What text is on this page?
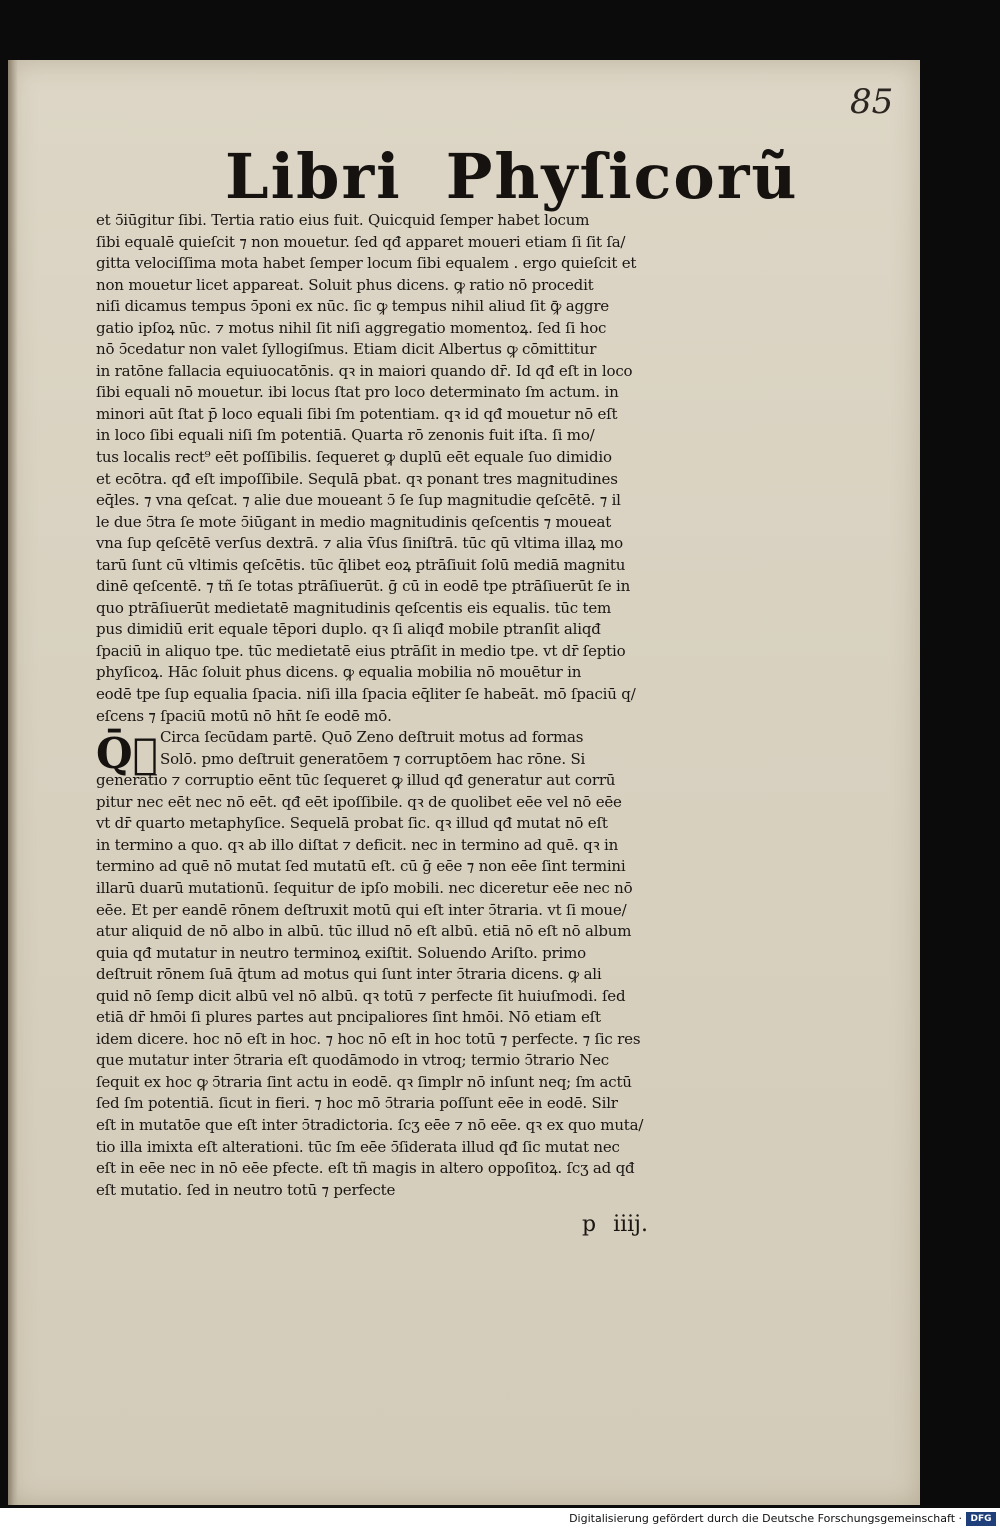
85
Libri Phyſicorũ
et ↄ̄iūgitur ſibi. Tertia ratio eius fuit. Quicquid ſemper habet locum
ſibi equalē quieſcit ⁊ non mouetur. ſed qđ apparet moueri etiam ſi ſit ſa/
gitta velociſſima mota habet ſemper locum ſibi equalem . ergo quieſcit et
non mouetur licet appareat. Soluit phus dicens. ꝙ ratio nō procedit
niſi dicamus tempus ↄ̄poni ex nūc. ſic ꝙ tempus nihil aliud ſit ꝙ̄ aggre
gatio ipſoꝝ nūc. ⁊ motus nihil ſit niſi aggregatio momentoꝝ. ſed ſi hoc
nō ↄ̄cedatur non valet ſyllogiſmus. Etiam dicit Albertus ꝙ cōmittitur
in ratōne fallacia equiuocatōnis. qꝛ in maiori quando dr̄. Id qđ eſt in loco
ſibi equali nō mouetur. ibi locus ſtat pro loco determinato ſm actum. in
minori aūt ſtat p̄ loco equali ſibi ſm potentiam. qꝛ id qđ mouetur nō eſt
in loco ſibi equali niſi ſm potentiā. Quarta rō zenonis fuit iſta. ſi mo/
tus localis rect⁹ eēt poſſibilis. ſequeret ꝙ duplū eēt equale ſuo dimidio
et ecōtra. qđ eſt impoſſibile. Sequlā pbat. qꝛ ponant tres magnitudines
eq̄les. ⁊ vna qeſcat. ⁊ alie due moueant ↄ̄ ſe ſup magnitudie qeſcētē. ⁊ il
le due ↄ̄tra ſe mote ↄ̄iūgant in medio magnitudinis qeſcentis ⁊ moueat
vna ſup qeſcētē verſus dextrā. ⁊ alia v̄ſus ſiniſtrā. tūc qū vltima illaꝝ mo
tarū ſunt cū vltimis qeſcētis. tūc q̄libet eoꝝ ptrāſiuit ſolū mediā magnitu
dinē qeſcentē. ⁊ tñ ſe totas ptrāſiuerūt. ḡ cū in eodē tpe ptrāſiuerūt ſe in
quo ptrāſiuerūt medietatē magnitudinis qeſcentis eis equalis. tūc tem
pus dimidiū erit equale tēpori duplo. qꝛ ſi aliqđ mobile ptranſit aliqđ
ſpaciū in aliquo tpe. tūc medietatē eius ptrāſit in medio tpe. vt dr̄ ſeptio
phyſicoꝝ. Hāc ſoluit phus dicens. ꝙ equalia mobilia nō mouētur in
eodē tpe ſup equalia ſpacia. niſi illa ſpacia eq̄liter ſe habeāt. mō ſpaciū q/
eſcens ⁊ ſpaciū motū nō hn̄t ſe eodē mō.
Circa ſecūdam partē. Quō Zeno deſtruit motus ad formas
Solō. pmo deſtruit generatōem ⁊ corruptōem hac rōne. Si
generatio ⁊ corruptio eēnt tūc ſequeret ꝙ illud qđ generatur aut corrū
pitur nec eēt nec nō eēt. qđ eēt ipoſſibile. qꝛ de quolibet eēe vel nō eēe
vt dr̄ quarto metaphyſice. Sequelā probat ſic. qꝛ illud qđ mutat nō eſt
in termino a quo. qꝛ ab illo diſtat ⁊ deficit. nec in termino ad quē. qꝛ in
termino ad quē nō mutat ſed mutatū eſt. cū ḡ eēe ⁊ non eēe ſint termini
illarū duarū mutationū. ſequitur de ipſo mobili. nec diceretur eēe nec nō
eēe. Et per eandē rōnem deſtruxit motū qui eſt inter ↄ̄traria. vt ſi moue/
atur aliquid de nō albo in albū. tūc illud nō eſt albū. etiā nō eſt nō album
quia qđ mutatur in neutro terminoꝝ exiſtit. Soluendo Ariſto. primo
deſtruit rōnem ſuā q̄tum ad motus qui ſunt inter ↄ̄traria dicens. ꝙ ali
quid nō ſemp dicit albū vel nō albū. qꝛ totū ⁊ perfecte ſit huiuſmodi. ſed
etiā dr̄ hmōi ſi plures partes aut pncipaliores ſint hmōi. Nō etiam eſt
idem dicere. hoc nō eſt in hoc. ⁊ hoc nō eſt in hoc totū ⁊ perfecte. ⁊ ſic res
que mutatur inter ↄ̄traria eſt quodāmodo in vtroq; termio ↄ̄trario Nec
ſequit ex hoc ꝙ ↄ̄traria ſint actu in eodē. qꝛ ſimplr nō inſunt neq; ſm actū
ſed ſm potentiā. ſicut in fieri. ⁊ hoc mō ↄ̄traria poſſunt eēe in eodē. Silr
eſt in mutatōe que eſt inter ↄ̄tradictoria. ſcʒ eēe ⁊ nō eēe. qꝛ ex quo muta/
tio illa imixta eſt alterationi. tūc ſm eēe ↄ̄ſiderata illud qđ ſic mutat nec
eſt in eēe nec in nō eēe pfecte. eſt tñ magis in altero oppoſitoꝝ. ſcʒ ad qđ
eſt mutatio. ſed in neutro totū ⁊ perfecte
Q̄ᷓ
p iiij.
Digitalisierung gefördert durch die Deutsche Forschungsgemeinschaft · DFG
